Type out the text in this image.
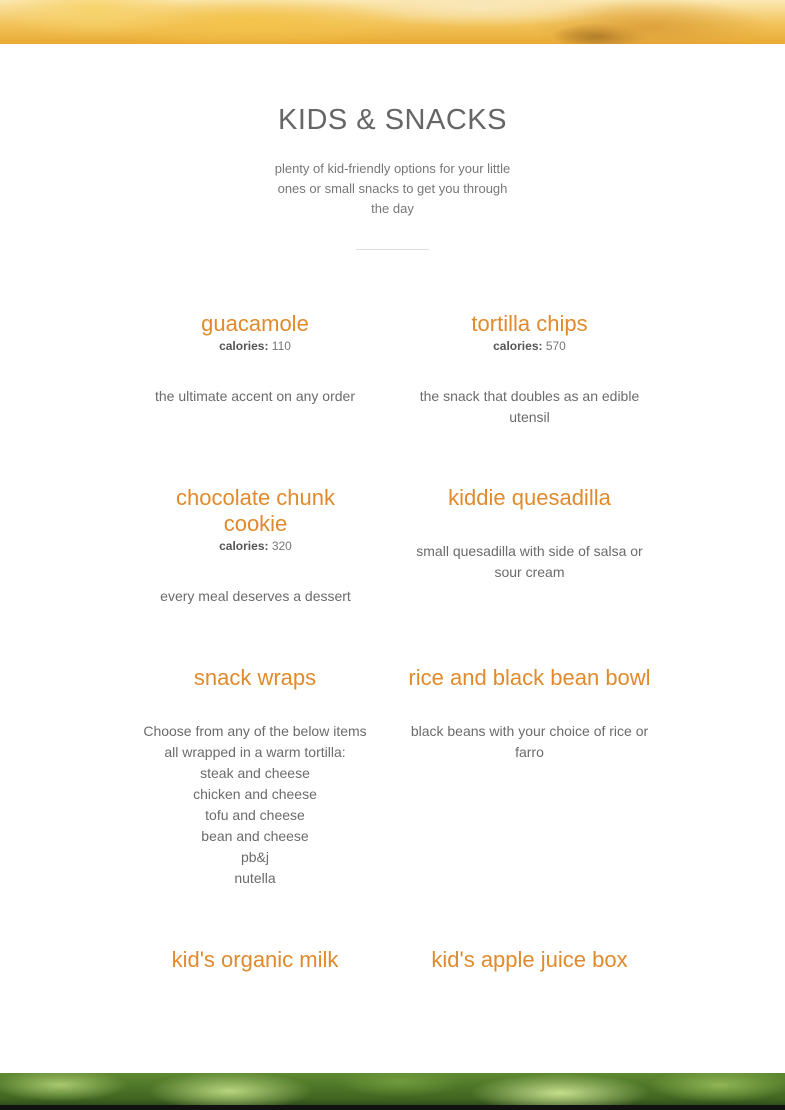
KIDS & SNACKS

plenty of kid-friendly options for your little ones or small snacks to get you through the day

guacamole

calories: 110

the ultimate accent on any order

tortilla chips

calories: 570

the snack that doubles as an edible utensil

chocolate chunk cookie

calories: 320

every meal deserves a dessert

kiddie quesadilla

small quesadilla with side of salsa or sour cream

snack wraps
Choose from any of the below items
all wrapped in a warm tortilla:
steak and cheese
chicken and cheese
tofu and cheese
bean and cheese
pb&j
nutella
rice and black bean bowl

black beans with your choice of rice or farro

kid's organic milk	kid's apple juice box
